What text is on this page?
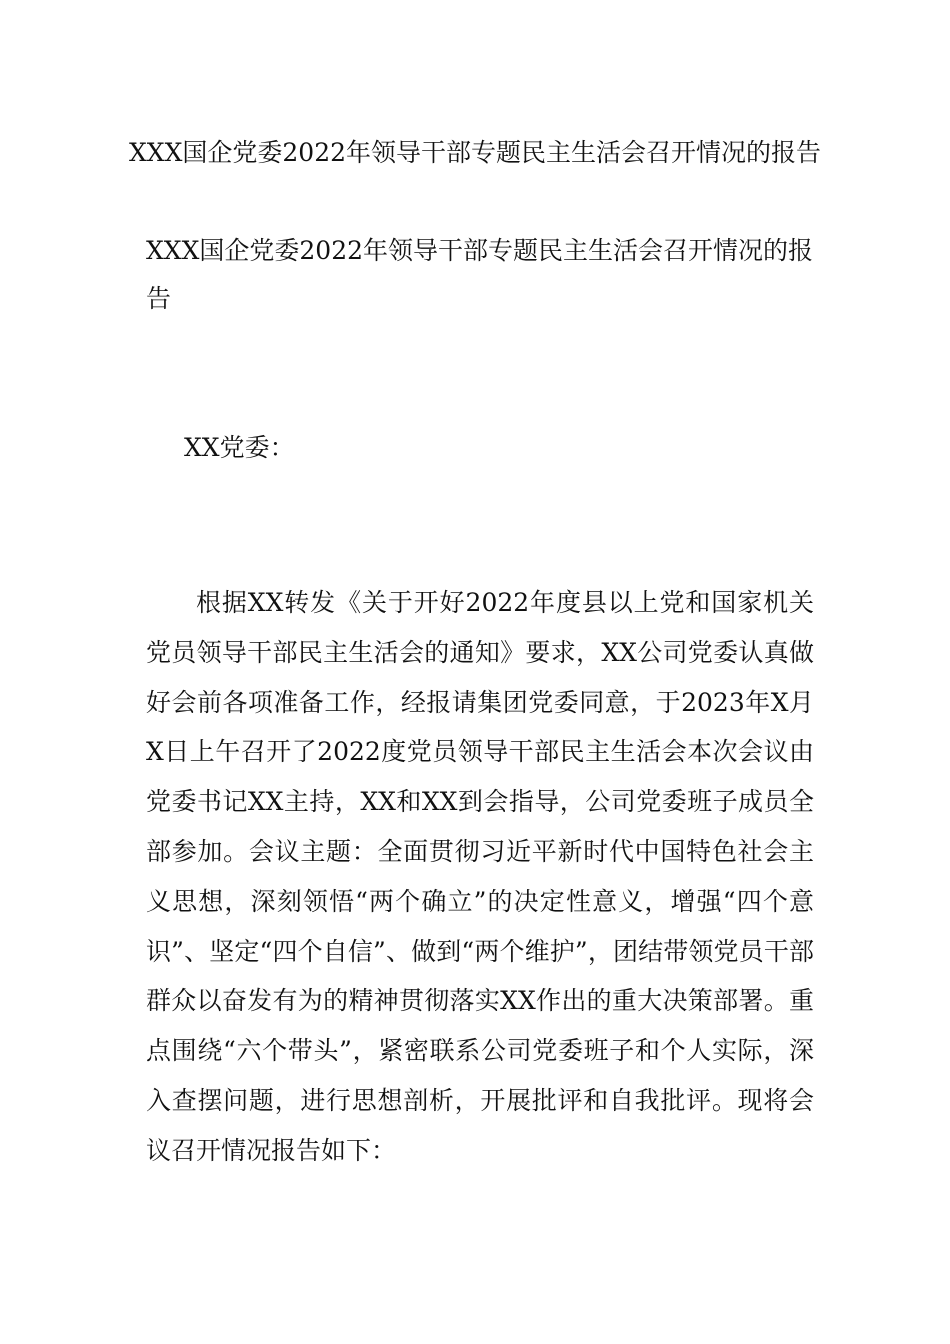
XXX国企党委2022年领导干部专题民主生活会召开情况的报告
XXX国企党委2022年领导干部专题民主生活会召开情况的报告

XX党委：

根据XX转发《关于开好2022年度县以上党和国家机关党员领导干部民主生活会的通知》要求，XX公司党委认真做好会前各项准备工作，经报请集团党委同意，于2023年X月X日上午召开了2022度党员领导干部民主生活会本次会议由党委书记XX主持，XX和XX到会指导，公司党委班子成员全部参加。会议主题：全面贯彻习近平新时代中国特色社会主义思想，深刻领悟“两个确立”的决定性意义，增强“四个意识”、坚定“四个自信”、做到“两个维护”，团结带领党员干部群众以奋发有为的精神贯彻落实XX作出的重大决策部署。重点围绕“六个带头”，紧密联系公司党委班子和个人实际，深入查摆问题，进行思想剖析，开展批评和自我批评。现将会议召开情况报告如下：
